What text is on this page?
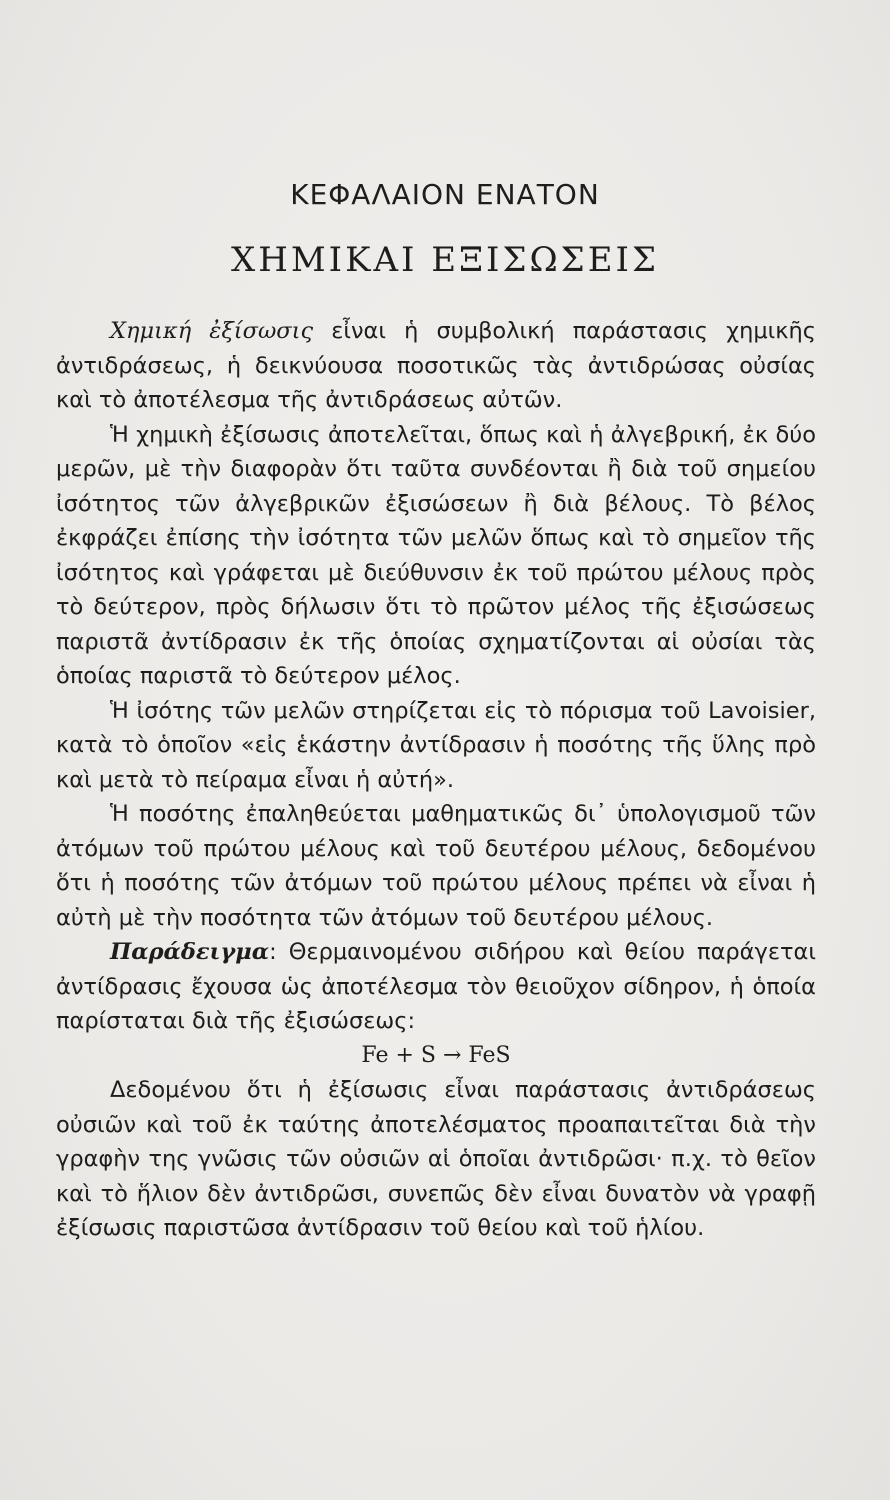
ΚΕΦΑΛΑΙΟΝ ΕΝΑΤΟΝ
ΧΗΜΙΚΑΙ ΕΞΙΣΩΣΕΙΣ

Χημική ἐξίσωσις εἶναι ἡ συμβολική παράστασις χημικῆς ἀντιδράσεως, ἡ δεικνύουσα ποσοτικῶς τὰς ἀντιδρώσας οὐσίας καὶ τὸ ἀποτέλεσμα τῆς ἀντιδράσεως αὐτῶν.

Ἡ χημικὴ ἐξίσωσις ἀποτελεῖται, ὅπως καὶ ἡ ἀλγεβρική, ἐκ δύο μερῶν, μὲ τὴν διαφορὰν ὅτι ταῦτα συνδέονται ἢ διὰ τοῦ σημείου ἰσότητος τῶν ἀλγεβρικῶν ἐξισώσεων ἢ διὰ βέλους. Τὸ βέλος ἐκφράζει ἐπίσης τὴν ἰσότητα τῶν μελῶν ὅπως καὶ τὸ σημεῖον τῆς ἰσότητος καὶ γράφεται μὲ διεύθυνσιν ἐκ τοῦ πρώτου μέλους πρὸς τὸ δεύτερον, πρὸς δήλωσιν ὅτι τὸ πρῶτον μέλος τῆς ἐξισώσεως παριστᾶ ἀντίδρασιν ἐκ τῆς ὁποίας σχηματίζονται αἱ οὐσίαι τὰς ὁποίας παριστᾶ τὸ δεύτερον μέλος.

Ἡ ἰσότης τῶν μελῶν στηρίζεται εἰς τὸ πόρισμα τοῦ Lavoisier, κατὰ τὸ ὁποῖον «εἰς ἑκάστην ἀντίδρασιν ἡ ποσότης τῆς ὕλης πρὸ καὶ μετὰ τὸ πείραμα εἶναι ἡ αὐτή».

Ἡ ποσότης ἐπαληθεύεται μαθηματικῶς δι᾽ ὑπολογισμοῦ τῶν ἀτόμων τοῦ πρώτου μέλους καὶ τοῦ δευτέρου μέλους, δεδομένου ὅτι ἡ ποσότης τῶν ἀτόμων τοῦ πρώτου μέλους πρέπει νὰ εἶναι ἡ αὐτὴ μὲ τὴν ποσότητα τῶν ἀτόμων τοῦ δευτέρου μέλους.

Παράδειγμα: Θερμαινομένου σιδήρου καὶ θείου παράγεται ἀντίδρασις ἔχουσα ὡς ἀποτέλεσμα τὸν θειοῦχον σίδηρον, ἡ ὁποία παρίσταται διὰ τῆς ἐξισώσεως:

Fe + S → FeS

Δεδομένου ὅτι ἡ ἐξίσωσις εἶναι παράστασις ἀντιδράσεως οὐσιῶν καὶ τοῦ ἐκ ταύτης ἀποτελέσματος προαπαιτεῖται διὰ τὴν γραφὴν της γνῶσις τῶν οὐσιῶν αἱ ὁποῖαι ἀντιδρῶσι· π.χ. τὸ θεῖον καὶ τὸ ἥλιον δὲν ἀντιδρῶσι, συνεπῶς δὲν εἶναι δυνατὸν νὰ γραφῇ ἐξίσωσις παριστῶσα ἀντίδρασιν τοῦ θείου καὶ τοῦ ἡλίου.
